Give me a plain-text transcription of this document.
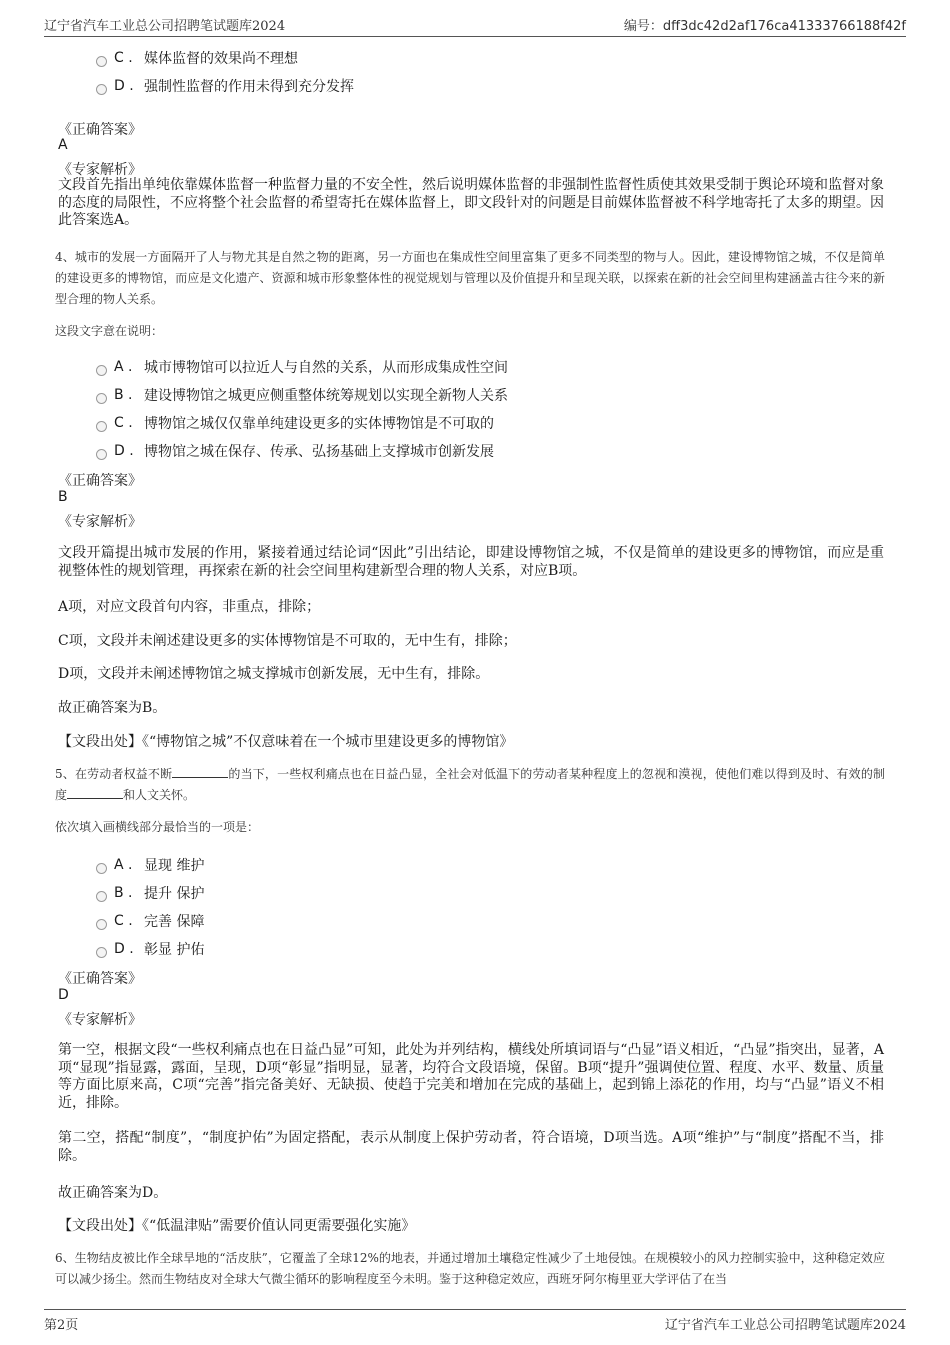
辽宁省汽车工业总公司招聘笔试题库2024	编号：dff3dc42d2af176ca41333766188f42f
C . 媒体监督的效果尚不理想
D . 强制性监督的作用未得到充分发挥
《正确答案》
A
《专家解析》
文段首先指出单纯依靠媒体监督一种监督力量的不安全性，然后说明媒体监督的非强制性监督性质使其效果受制于舆论环境和监督对象的态度的局限性，不应将整个社会监督的希望寄托在媒体监督上，即文段针对的问题是目前媒体监督被不科学地寄托了太多的期望。因此答案选A。
4、城市的发展一方面隔开了人与物尤其是自然之物的距离，另一方面也在集成性空间里富集了更多不同类型的物与人。因此，建设博物馆之城，不仅是简单的建设更多的博物馆，而应是文化遗产、资源和城市形象整体性的视觉规划与管理以及价值提升和呈现关联，以探索在新的社会空间里构建涵盖古往今来的新型合理的物人关系。
这段文字意在说明：
A . 城市博物馆可以拉近人与自然的关系，从而形成集成性空间
B . 建设博物馆之城更应侧重整体统筹规划以实现全新物人关系
C . 博物馆之城仅仅靠单纯建设更多的实体博物馆是不可取的
D . 博物馆之城在保存、传承、弘扬基础上支撑城市创新发展
《正确答案》
B
《专家解析》
文段开篇提出城市发展的作用，紧接着通过结论词“因此”引出结论，即建设博物馆之城，不仅是简单的建设更多的博物馆，而应是重视整体性的规划管理，再探索在新的社会空间里构建新型合理的物人关系，对应B项。
A项，对应文段首句内容，非重点，排除；
C项，文段并未阐述建设更多的实体博物馆是不可取的，无中生有，排除；
D项，文段并未阐述博物馆之城支撑城市创新发展，无中生有，排除。
故正确答案为B。
【文段出处】《“博物馆之城”不仅意味着在一个城市里建设更多的博物馆》
5、在劳动者权益不断	的当下，一些权利痛点也在日益凸显，全社会对低温下的劳动者某种程度上的忽视和漠视，使他们难以得到及时、有效的制度	和人文关怀。
依次填入画横线部分最恰当的一项是：
A . 显现 维护
B . 提升 保护
C . 完善 保障
D . 彰显 护佑
《正确答案》
D
《专家解析》
第一空，根据文段“一些权利痛点也在日益凸显”可知，此处为并列结构，横线处所填词语与“凸显”语义相近，“凸显”指突出，显著，A项“显现”指显露，露面，呈现，D项“彰显”指明显，显著，均符合文段语境，保留。B项“提升”强调使位置、程度、水平、数量、质量等方面比原来高，C项“完善”指完备美好、无缺损、使趋于完美和增加在完成的基础上，起到锦上添花的作用，均与“凸显”语义不相近，排除。
第二空，搭配“制度”，“制度护佑”为固定搭配，表示从制度上保护劳动者，符合语境，D项当选。A项“维护”与“制度”搭配不当，排除。
故正确答案为D。
【文段出处】《“低温津贴”需要价值认同更需要强化实施》
6、生物结皮被比作全球旱地的“活皮肤”，它覆盖了全球12%的地表，并通过增加土壤稳定性减少了土地侵蚀。在规模较小的风力控制实验中，这种稳定效应可以减少扬尘。然而生物结皮对全球大气微尘循环的影响程度至今未明。鉴于这种稳定效应，西班牙阿尔梅里亚大学评估了在当
第2页	辽宁省汽车工业总公司招聘笔试题库2024
